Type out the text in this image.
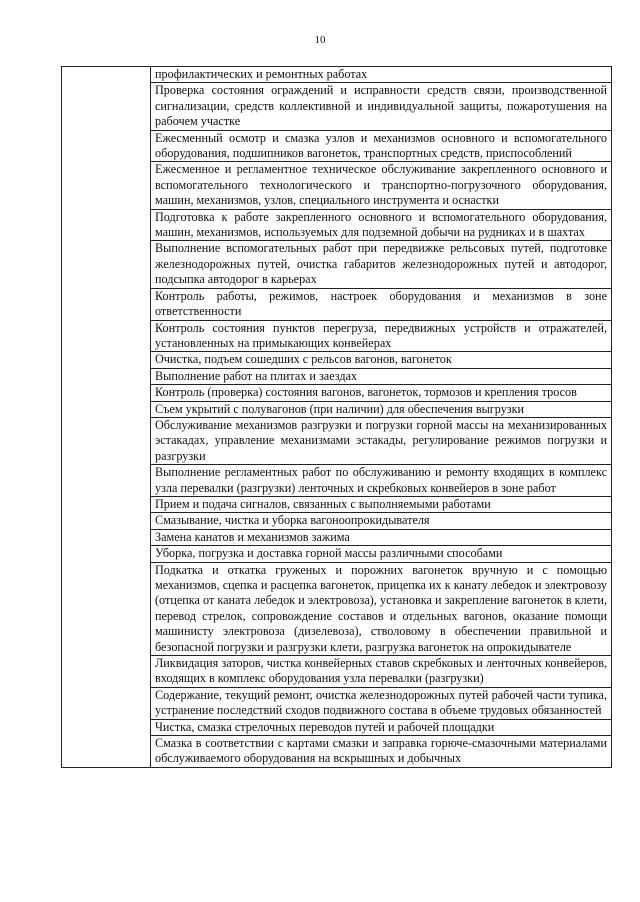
10
	профилактических и ремонтных работах
Проверка состояния ограждений и исправности средств связи, производственной сигнализации, средств коллективной и индивидуальной защиты, пожаротушения на рабочем участке
Ежесменный осмотр и смазка узлов и механизмов основного и вспомогательного оборудования, подшипников вагонеток, транспортных средств, приспособлений
Ежесменное и регламентное техническое обслуживание закрепленного основного и вспомогательного технологического и транспортно-погрузочного оборудования, машин, механизмов, узлов, специального инструмента и оснастки
Подготовка к работе закрепленного основного и вспомогательного оборудования, машин, механизмов, используемых для подземной добычи на рудниках и в шахтах
Выполнение вспомогательных работ при передвижке рельсовых путей, подготовке железнодорожных путей, очистка габаритов железнодорожных путей и автодорог, подсыпка автодорог в карьерах
Контроль работы, режимов, настроек оборудования и механизмов в зоне ответственности
Контроль состояния пунктов перегруза, передвижных устройств и отражателей, установленных на примыкающих конвейерах
Очистка, подъем сошедших с рельсов вагонов, вагонеток
Выполнение работ на плитах и заездах
Контроль (проверка) состояния вагонов, вагонеток, тормозов и крепления тросов
Съем укрытий с полувагонов (при наличии) для обеспечения выгрузки
Обслуживание механизмов разгрузки и погрузки горной массы на механизированных эстакадах, управление механизмами эстакады, регулирование режимов погрузки и разгрузки
Выполнение регламентных работ по обслуживанию и ремонту входящих в комплекс узла перевалки (разгрузки) ленточных и скребковых конвейеров в зоне работ
Прием и подача сигналов, связанных с выполняемыми работами
Смазывание, чистка и уборка вагоноопрокидывателя
Замена канатов и механизмов зажима
Уборка, погрузка и доставка горной массы различными способами
Подкатка и откатка груженых и порожних вагонеток вручную и с помощью механизмов, сцепка и расцепка вагонеток, прицепка их к канату лебедок и электровозу (отцепка от каната лебедок и электровоза), установка и закрепление вагонеток в клети, перевод стрелок, сопровождение составов и отдельных вагонов, оказание помощи машинисту электровоза (дизелевоза), стволовому в обеспечении правильной и безопасной погрузки и разгрузки клети, разгрузка вагонеток на опрокидывателе
Ликвидация заторов, чистка конвейерных ставов скребковых и ленточных конвейеров, входящих в комплекс оборудования узла перевалки (разгрузки)
Содержание, текущий ремонт, очистка железнодорожных путей рабочей части тупика, устранение последствий сходов подвижного состава в объеме трудовых обязанностей
Чистка, смазка стрелочных переводов путей и рабочей площадки
Смазка в соответствии с картами смазки и заправка горюче-смазочными материалами обслуживаемого оборудования на вскрышных и добычных
